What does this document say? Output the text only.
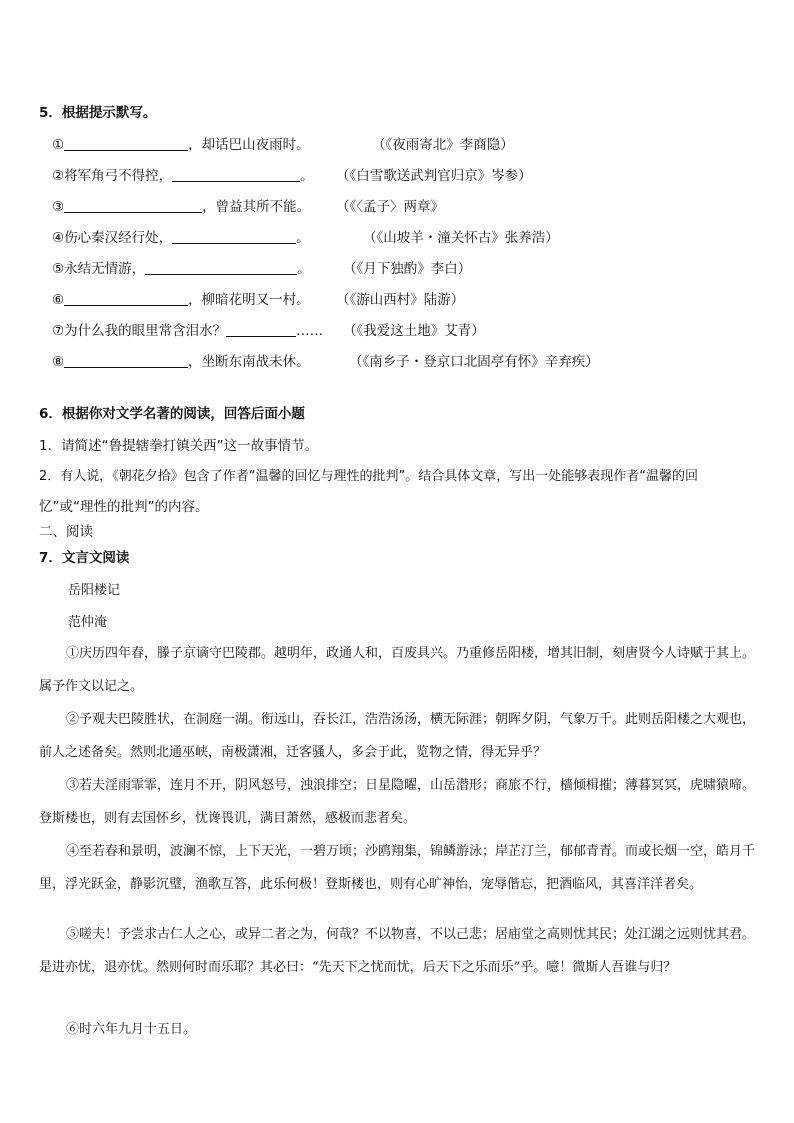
5．根据提示默写。
①	，却话巴山夜雨时。	（《夜雨寄北》李商隐）
②将军角弓不得控，	。 （《白雪歌送武判官归京》岑参）
③	，曾益其所不能。 （《〈孟子〉两章》
④伤心秦汉经行处，	。	（《山坡羊・潼关怀古》张养浩）
⑤永结无情游，	。 （《月下独酌》李白）
⑥	，柳暗花明又一村。 （《游山西村》陆游）
⑦为什么我的眼里常含泪水？	…… （《我爱这土地》艾青）
⑧	，坐断东南战未休。	（《南乡子・登京口北固亭有怀》辛弃疾）
6．根据你对文学名著的阅读，回答后面小题
1．请简述“鲁提辖拳打镇关西”这一故事情节。
2．有人说，《朝花夕拾》包含了作者“温馨的回忆与理性的批判”。结合具体文章，写出一处能够表现作者“温馨的回
忆”或“理性的批判”的内容。
二、阅读
7．文言文阅读
岳阳楼记
范仲淹
①庆历四年春，滕子京谪守巴陵郡。越明年，政通人和，百废具兴。乃重修岳阳楼，增其旧制，刻唐贤今人诗赋于其上。属予作文以记之。
②予观夫巴陵胜状，在洞庭一湖。衔远山，吞长江，浩浩汤汤，横无际涯；朝晖夕阴，气象万千。此则岳阳楼之大观也，前人之述备矣。然则北通巫峡，南极潇湘，迁客骚人，多会于此，览物之情，得无异乎？
③若夫淫雨霏霏，连月不开，阴风怒号，浊浪排空；日星隐曜，山岳潜形；商旅不行，樯倾楫摧；薄暮冥冥，虎啸猿啼。登斯楼也，则有去国怀乡，忧谗畏讥，满目萧然，感极而悲者矣。
④至若春和景明，波澜不惊，上下天光，一碧万顷；沙鸥翔集，锦鳞游泳；岸芷汀兰，郁郁青青。而或长烟一空，皓月千里，浮光跃金，静影沉璧，渔歌互答，此乐何极！登斯楼也，则有心旷神怡，宠辱偕忘，把酒临风，其喜洋洋者矣。
⑤嗟夫！予尝求古仁人之心，或异二者之为，何哉？不以物喜，不以己悲；居庙堂之高则忧其民；处江湖之远则忧其君。是进亦忧，退亦忧。然则何时而乐耶？其必曰：“先天下之忧而忧，后天下之乐而乐”乎。噫！微斯人吾谁与归？
⑥时六年九月十五日。
